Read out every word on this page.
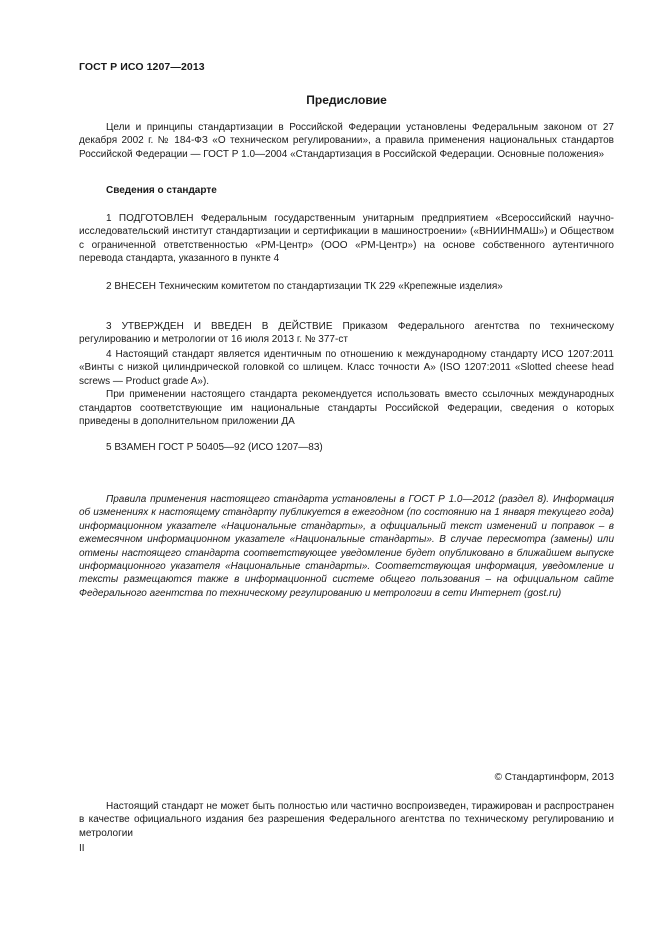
ГОСТ Р ИСО 1207—2013
Предисловие

Цели и принципы стандартизации в Российской Федерации установлены Федеральным законом от 27 декабря 2002 г. № 184-ФЗ «О техническом регулировании», а правила применения национальных стандартов Российской Федерации — ГОСТ Р 1.0—2004 «Стандартизация в Российской Федерации. Основные положения»

Сведения о стандарте

1 ПОДГОТОВЛЕН Федеральным государственным унитарным предприятием «Всероссийский научно-исследовательский институт стандартизации и сертификации в машиностроении» («ВНИИНМАШ») и Обществом с ограниченной ответственностью «РМ-Центр» (ООО «РМ-Центр») на основе собственного аутентичного перевода стандарта, указанного в пункте 4

2 ВНЕСЕН Техническим комитетом по стандартизации ТК 229 «Крепежные изделия»

3 УТВЕРЖДЕН И ВВЕДЕН В ДЕЙСТВИЕ Приказом Федерального агентства по техническому регулированию и метрологии от 16 июля 2013 г. № 377-ст

4 Настоящий стандарт является идентичным по отношению к международному стандарту ИСО 1207:2011 «Винты с низкой цилиндрической головкой со шлицем. Класс точности А» (ISO 1207:2011 «Slotted cheese head screws — Product grade A»).

При применении настоящего стандарта рекомендуется использовать вместо ссылочных международных стандартов соответствующие им национальные стандарты Российской Федерации, сведения о которых приведены в дополнительном приложении ДА

5 ВЗАМЕН ГОСТ Р 50405—92 (ИСО 1207—83)

Правила применения настоящего стандарта установлены в ГОСТ Р 1.0—2012 (раздел 8). Информация об изменениях к настоящему стандарту публикуется в ежегодном (по состоянию на 1 января текущего года) информационном указателе «Национальные стандарты», а официальный текст изменений и поправок – в ежемесячном информационном указателе «Национальные стандарты». В случае пересмотра (замены) или отмены настоящего стандарта соответствующее уведомление будет опубликовано в ближайшем выпуске информационного указателя «Национальные стандарты». Соответствующая информация, уведомление и тексты размещаются также в информационной системе общего пользования – на официальном сайте Федерального агентства по техническому регулированию и метрологии в сети Интернет (gost.ru)

© Стандартинформ, 2013

Настоящий стандарт не может быть полностью или частично воспроизведен, тиражирован и распространен в качестве официального издания без разрешения Федерального агентства по техническому регулированию и метрологии

II
